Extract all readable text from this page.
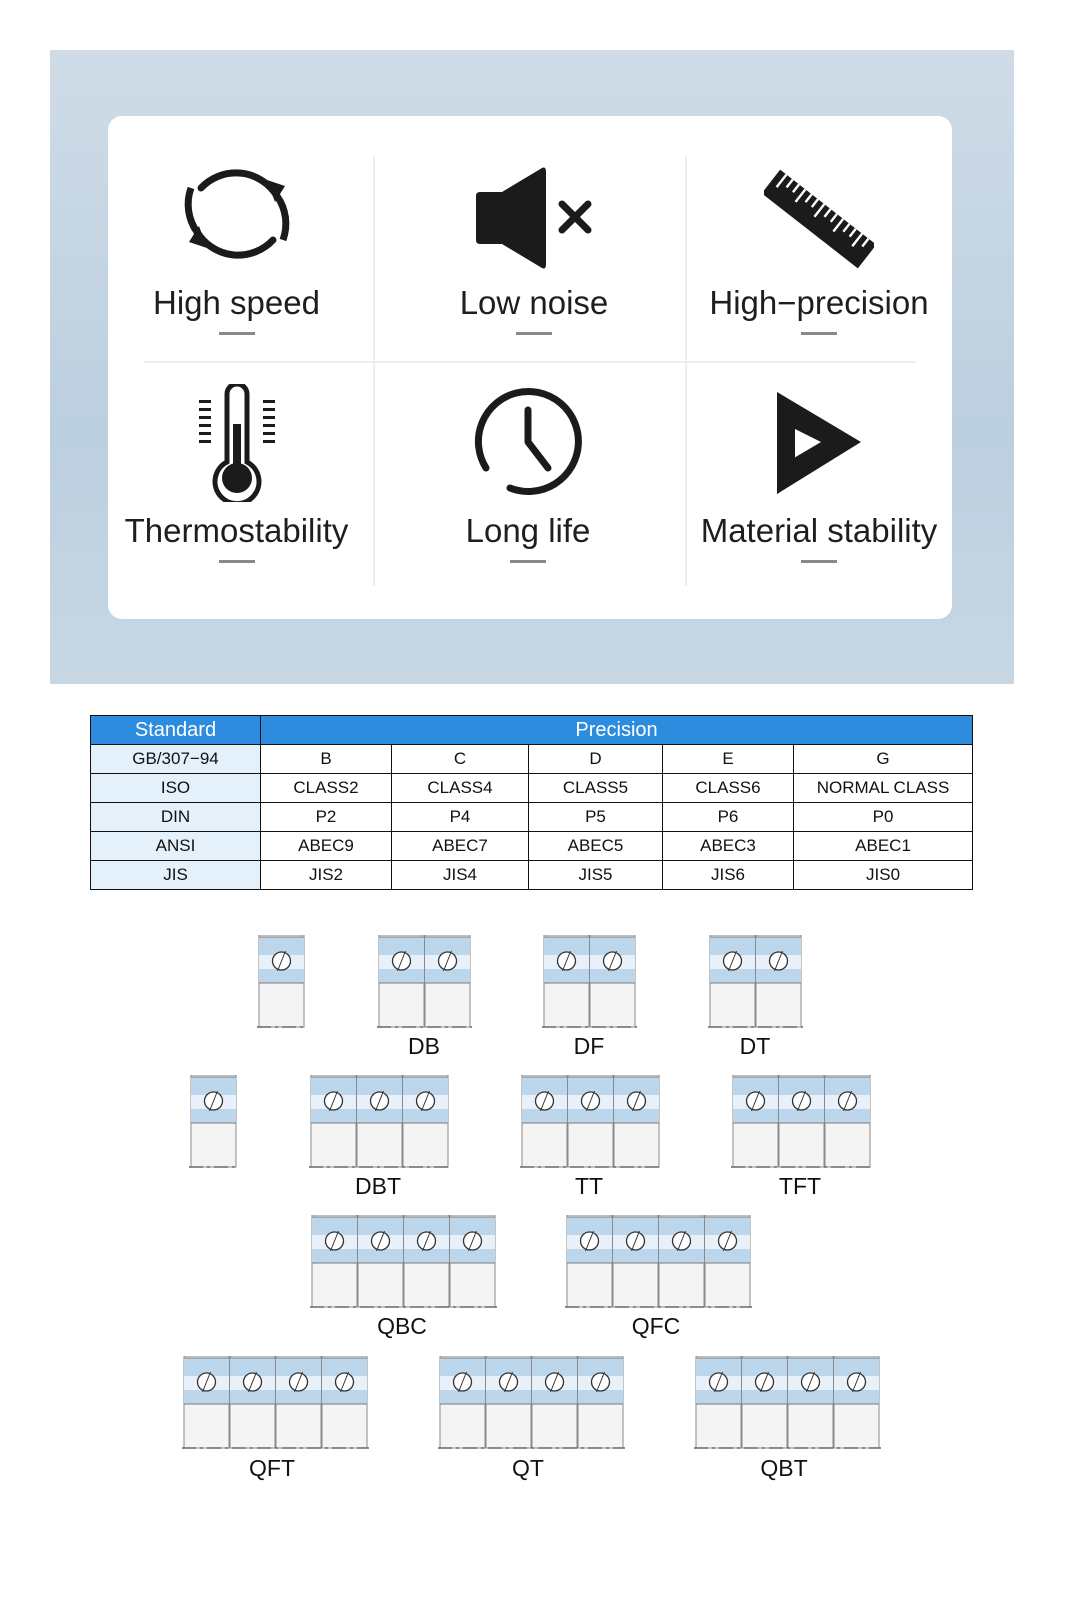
High speed	Low noise	High−precision
Thermostability	Long life	Material stability
Standard	Precision				
GB/307−94	B	C	D	E	G
ISO	CLASS2	CLASS4	CLASS5	CLASS6	NORMAL CLASS
DIN	P2	P4	P5	P6	P0
ANSI	ABEC9	ABEC7	ABEC5	ABEC3	ABEC1
JIS	JIS2	JIS4	JIS5	JIS6	JIS0
DB	DF	DT
DBT	TT	TFT
QBC	QFC
QFT	QT	QBT
